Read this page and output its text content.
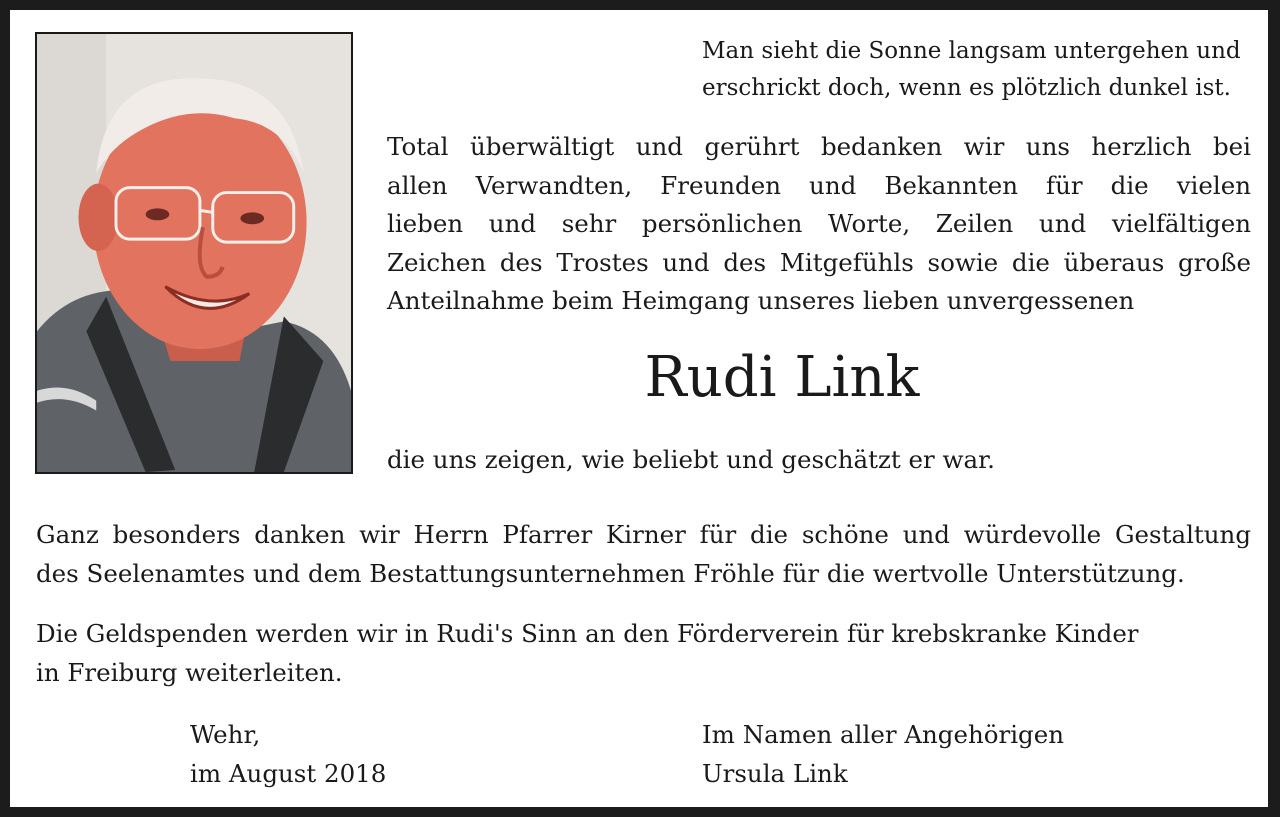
Man sieht die Sonne langsam untergehen und
erschrickt doch, wenn es plötzlich dunkel ist.
Total überwältigt und gerührt bedanken wir uns herzlich bei
allen Verwandten, Freunden und Bekannten für die vielen
lieben und sehr persönlichen Worte, Zeilen und vielfältigen
Zeichen des Trostes und des Mitgefühls sowie die überaus große
Anteilnahme beim Heimgang unseres lieben unvergessenen
Rudi Link
die uns zeigen, wie beliebt und geschätzt er war.
Ganz besonders danken wir Herrn Pfarrer Kirner für die schöne und würdevolle Gestaltung
des Seelenamtes und dem Bestattungsunternehmen Fröhle für die wertvolle Unterstützung.
Die Geldspenden werden wir in Rudi's Sinn an den Förderverein für krebskranke Kinder
in Freiburg weiterleiten.
Wehr,
im August 2018
Im Namen aller Angehörigen
Ursula Link
